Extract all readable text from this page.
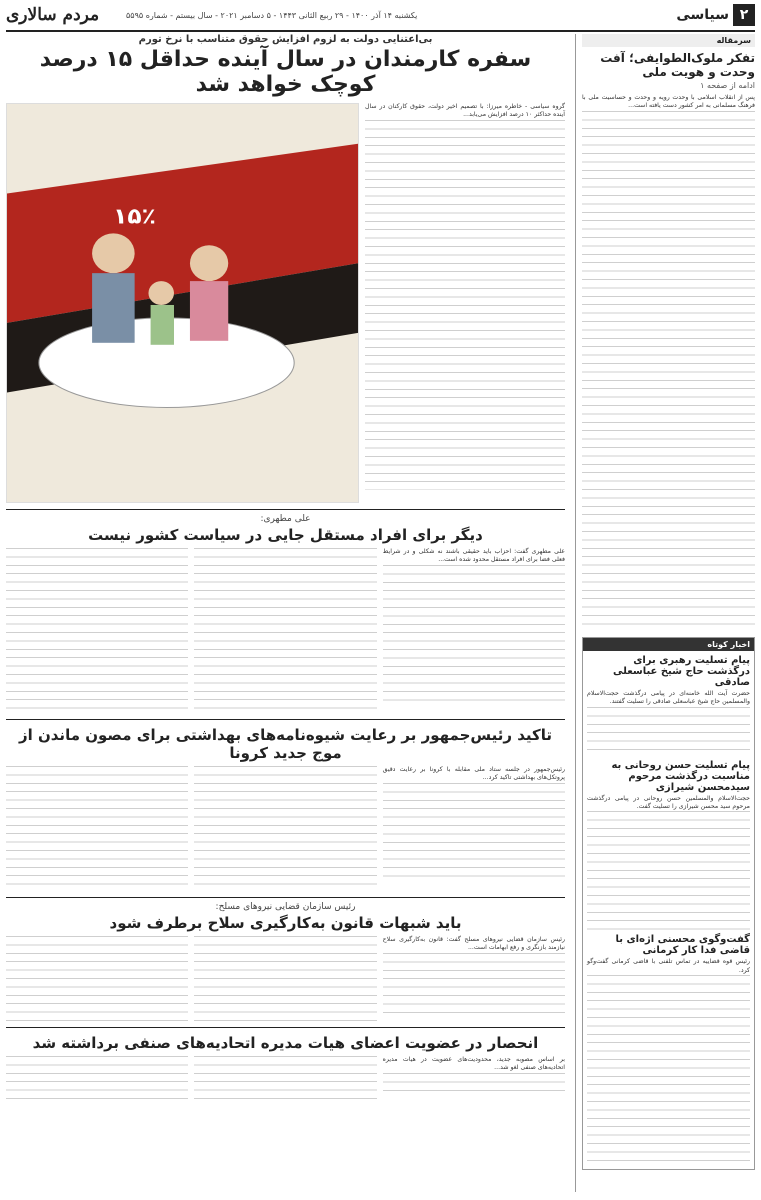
۲
سیاسی
یکشنبه ۱۴ آذر ۱۴۰۰ - ۲۹ ربیع الثانی ۱۴۴۳ - ۵ دسامبر ۲۰۲۱ - سال بیستم - شماره ۵۵۹۵
مردم سالاری
سرمقاله
تفکر ملوک‌الطوایفی؛ آفت وحدت و هویت ملی
ادامه از صفحه ۱
پس از انقلاب اسلامی با وحدت رویه و وحدت و حساسیت ملی با فرهنگ مسلمانی به امر کشور دست یافته است...
اخبار کوتاه
پیام تسلیت رهبری برای درگذشت حاج شیخ عباسعلی صادقی
حضرت آیت الله خامنه‌ای در پیامی درگذشت حجت‌الاسلام والمسلمین حاج شیخ عباسعلی صادقی را تسلیت گفتند.
پیام تسلیت حسن روحانی به مناسبت درگذشت مرحوم سیدمحسن شیرازی
حجت‌الاسلام والمسلمین حسن روحانی در پیامی درگذشت مرحوم سید محسن شیرازی را تسلیت گفت.
گفت‌وگوی محسنی اژه‌ای با قاضی فدا کار کرمانی
رئیس قوه قضاییه در تماس تلفنی با قاضی کرمانی گفت‌وگو کرد.
بی‌اعتنایی دولت به لزوم افزایش حقوق متناسب با نرخ تورم
سفره کارمندان در سال آینده حداقل ۱۵ درصد کوچک خواهد شد
گروه سیاسی - خاطره میرزا: با تصمیم اخیر دولت، حقوق کارکنان در سال آینده حداکثر ۱۰ درصد افزایش می‌یابد...
۱۵٪
علی مطهری:
دیگر برای افراد مستقل جایی در سیاست کشور نیست
علی مطهری گفت: احزاب باید حقیقی باشند نه شکلی و در شرایط فعلی فضا برای افراد مستقل محدود شده است...
تاکید رئیس‌جمهور بر رعایت شیوه‌نامه‌های بهداشتی برای مصون ماندن از موج جدید کرونا
رئیس‌جمهور در جلسه ستاد ملی مقابله با کرونا بر رعایت دقیق پروتکل‌های بهداشتی تاکید کرد...
رئیس سازمان قضایی نیروهای مسلح:
باید شبهات قانون به‌کارگیری سلاح برطرف شود
رئیس سازمان قضایی نیروهای مسلح گفت: قانون به‌کارگیری سلاح نیازمند بازنگری و رفع ابهامات است...
انحصار در عضویت اعضای هیات مدیره اتحادیه‌های صنفی برداشته شد
بر اساس مصوبه جدید، محدودیت‌های عضویت در هیات مدیره اتحادیه‌های صنفی لغو شد...
